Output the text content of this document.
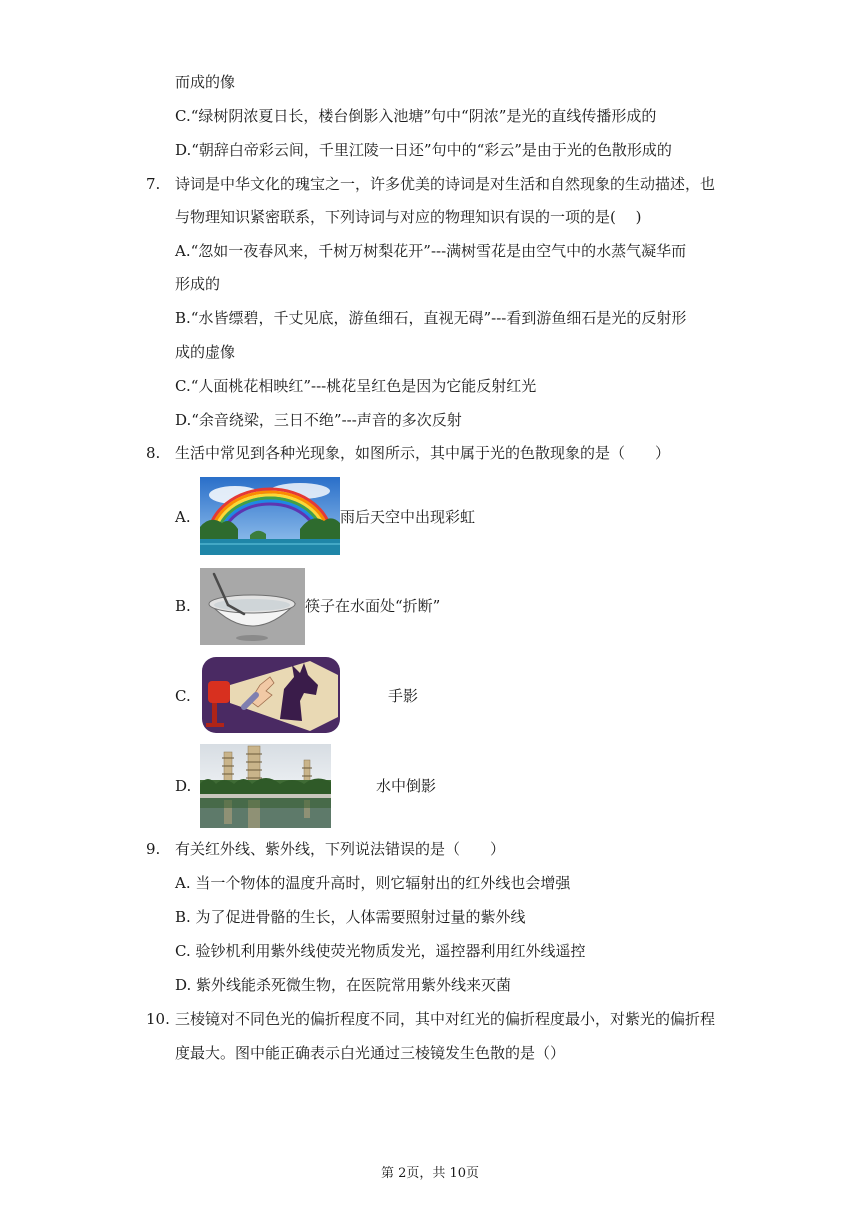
而成的像
C.“绿树阴浓夏日长，楼台倒影入池塘”句中“阴浓”是光的直线传播形成的
D.“朝辞白帝彩云间，千里江陵一日还”句中的“彩云”是由于光的色散形成的
7. 诗词是中华文化的瑰宝之一，许多优美的诗词是对生活和自然现象的生动描述，也
与物理知识紧密联系，下列诗词与对应的物理知识有误的一项的是(　 )
A.“忽如一夜春风来，千树万树梨花开”---满树雪花是由空气中的水蒸气凝华而
形成的
B.“水皆缥碧，千丈见底，游鱼细石，直视无碍”---看到游鱼细石是光的反射形
成的虚像
C.“人面桃花相映红”---桃花呈红色是因为它能反射红光
D.“余音绕梁，三日不绝”---声音的多次反射
8. 生活中常见到各种光现象，如图所示，其中属于光的色散现象的是（　　）
A.	雨后天空中出现彩虹
B.	筷子在水面处“折断”
C.	手影
D.	水中倒影
9. 有关红外线、紫外线，下列说法错误的是（　　）
A. 当一个物体的温度升高时，则它辐射出的红外线也会增强
B. 为了促进骨骼的生长，人体需要照射过量的紫外线
C. 验钞机利用紫外线使荧光物质发光，遥控器利用红外线遥控
D. 紫外线能杀死微生物，在医院常用紫外线来灭菌
10. 三棱镜对不同色光的偏折程度不同，其中对红光的偏折程度最小，对紫光的偏折程
度最大。图中能正确表示白光通过三棱镜发生色散的是（）
第 2页，共 10页
